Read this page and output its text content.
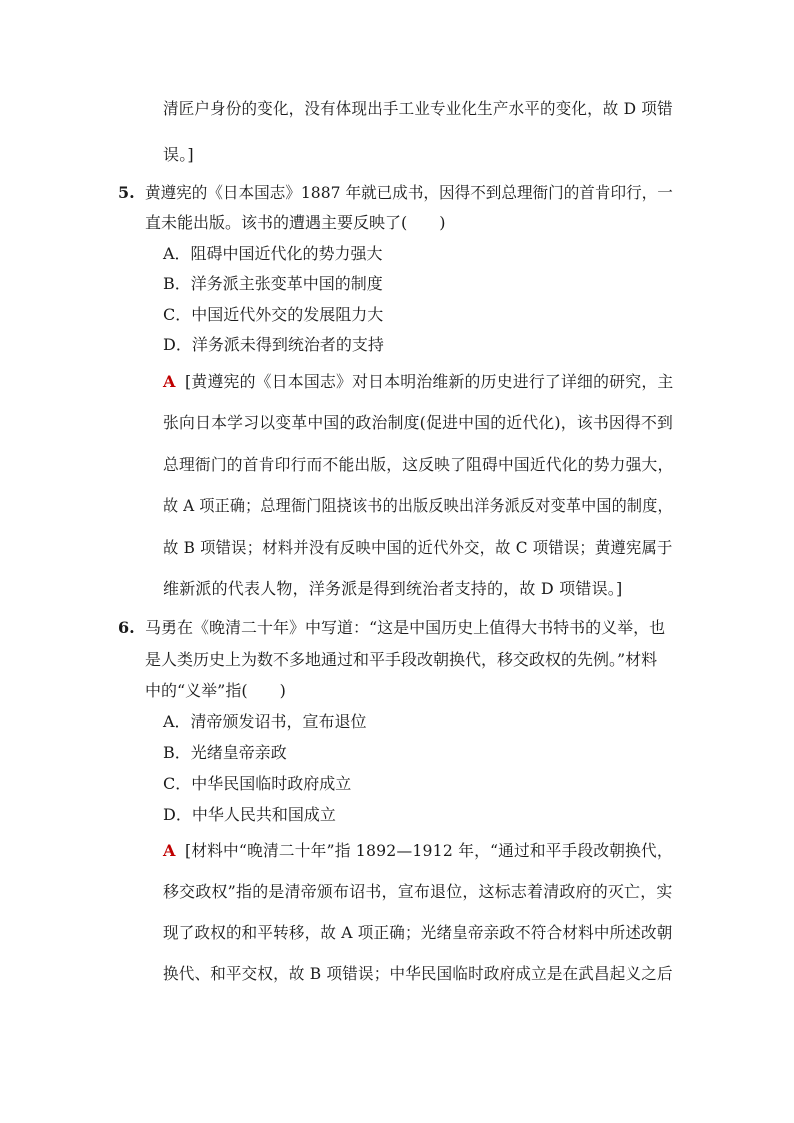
清匠户身份的变化，没有体现出手工业专业化生产水平的变化，故 D 项错
误。]
5. 黄遵宪的《日本国志》1887 年就已成书，因得不到总理衙门的首肯印行，一
直未能出版。该书的遭遇主要反映了(　　)
A．阻碍中国近代化的势力强大
B．洋务派主张变革中国的制度
C．中国近代外交的发展阻力大
D．洋务派未得到统治者的支持
A [黄遵宪的《日本国志》对日本明治维新的历史进行了详细的研究，主
张向日本学习以变革中国的政治制度(促进中国的近代化)，该书因得不到
总理衙门的首肯印行而不能出版，这反映了阻碍中国近代化的势力强大，
故 A 项正确；总理衙门阻挠该书的出版反映出洋务派反对变革中国的制度，
故 B 项错误；材料并没有反映中国的近代外交，故 C 项错误；黄遵宪属于
维新派的代表人物，洋务派是得到统治者支持的，故 D 项错误。]
6. 马勇在《晚清二十年》中写道：“这是中国历史上值得大书特书的义举，也
是人类历史上为数不多地通过和平手段改朝换代，移交政权的先例。”材料
中的“义举”指(　　)
A．清帝颁发诏书，宣布退位
B．光绪皇帝亲政
C．中华民国临时政府成立
D．中华人民共和国成立
A [材料中“晚清二十年”指 1892—1912 年，“通过和平手段改朝换代，
移交政权”指的是清帝颁布诏书，宣布退位，这标志着清政府的灭亡，实
现了政权的和平转移，故 A 项正确；光绪皇帝亲政不符合材料中所述改朝
换代、和平交权，故 B 项错误；中华民国临时政府成立是在武昌起义之后
